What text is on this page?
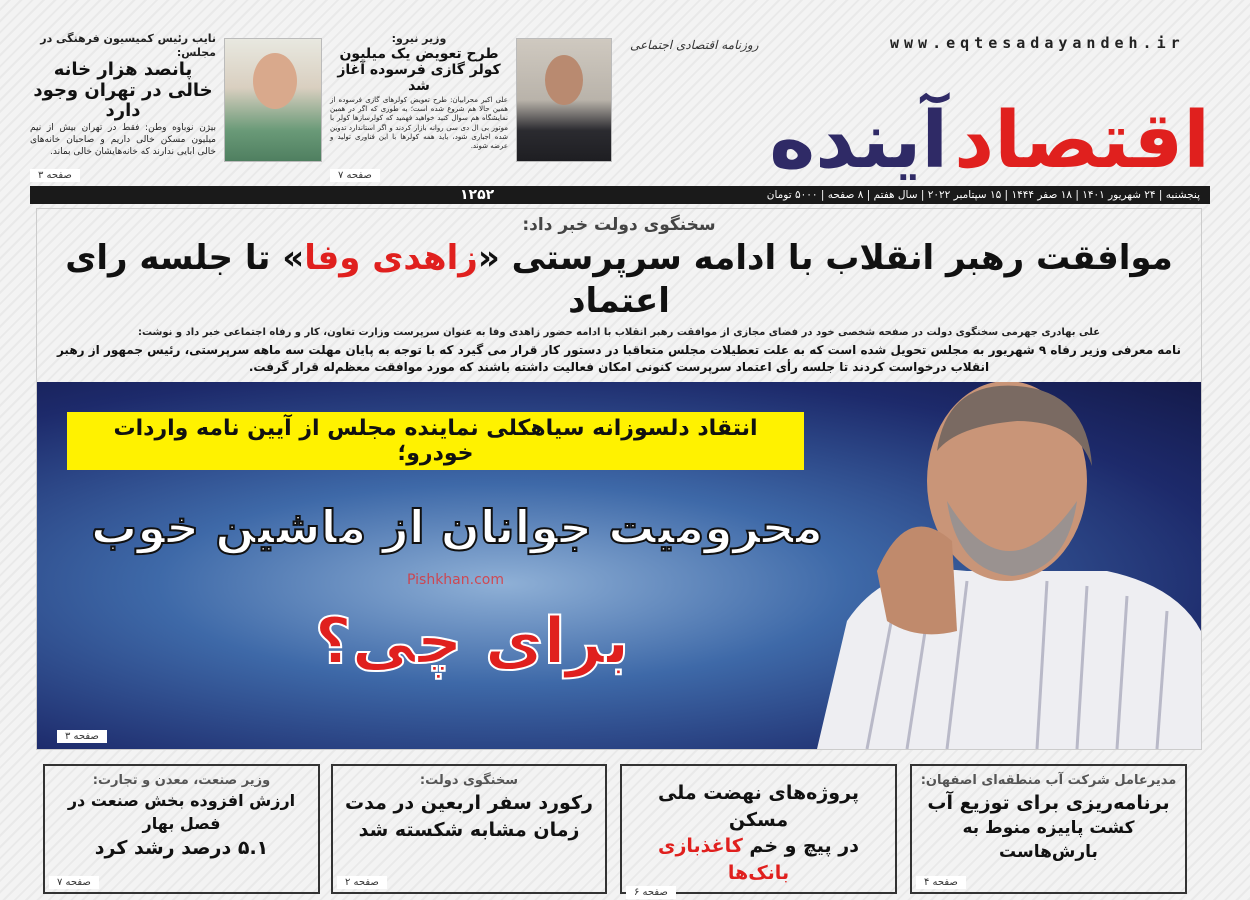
www.eqtesadayandeh.ir
روزنامه اقتصادی اجتماعی
اقتصاد
آینده
نایب رئیس کمیسیون فرهنگی در مجلس:
پانصد هزار خانه خالی در تهران وجود دارد
بیژن نوباوه وطن: فقط در تهران بیش از نیم میلیون مسکن خالی داریم و صاحبان خانه‌های خالی ابایی ندارند که خانه‌هایشان خالی بماند.
صفحه ۳
وزیر نیرو:
طرح تعویض یک میلیون کولر گازی فرسوده آغاز شد
علی اکبر محرابیان: طرح تعویض کولرهای گازی فرسوده از همین حالا هم شروع شده است؛ به طوری که اگر در همین نمایشگاه هم سوال کنید خواهید فهمید که کولرسازها کولر با موتور بی ال دی سی روانه بازار کردند و اگر استاندارد تدوین شده اجباری شود، باید همه کولرها با این فناوری تولید و عرضه شوند.
صفحه ۷
پنجشنبه | ۲۴ شهریور ۱۴۰۱ | ۱۸ صفر ۱۴۴۴ | ۱۵ سپتامبر ۲۰۲۲ | سال هفتم | ۸ صفحه | ۵۰۰۰ تومان
۱۲۵۲
سخنگوی دولت خبر داد:
موافقت رهبر انقلاب با ادامه سرپرستی «زاهدی وفا» تا جلسه رای اعتماد
علی بهادری جهرمی سخنگوی دولت در صفحه شخصی خود در فضای مجازی از موافقت رهبر انقلاب با ادامه حضور زاهدی وفا به عنوان سرپرست وزارت تعاون، کار و رفاه اجتماعی خبر داد و نوشت:
نامه معرفی وزیر رفاه ۹ شهریور به مجلس تحویل شده است که به علت تعطیلات مجلس متعاقبا در دستور کار قرار می گیرد که با توجه به پایان مهلت سه ماهه سرپرستی، رئیس جمهور از رهبر انقلاب درخواست کردند تا جلسه رأی اعتماد سرپرست کنونی امکان فعالیت داشته باشند که مورد موافقت معظم‌له قرار گرفت.
انتقاد دلسوزانه سیاهکلی نماینده مجلس از آیین نامه واردات خودرو؛
محرومیت جوانان از ماشین خوب
Pishkhan.com
برای چی؟
صفحه ۳
مدیرعامل شرکت آب منطقه‌ای اصفهان:
برنامه‌ریزی برای توزیع آب
کشت پاییزه منوط به بارش‌هاست
صفحه ۴
پروژه‌های نهضت ملی مسکن
در پیچ و خم کاغذبازی بانک‌ها
صفحه ۶
سخنگوی دولت:
رکورد سفر اربعین در مدت
زمان مشابه شکسته شد
صفحه ۲
وزیر صنعت، معدن و تجارت:
ارزش افزوده بخش صنعت در فصل بهار
۵.۱ درصد رشد کرد
صفحه ۷
